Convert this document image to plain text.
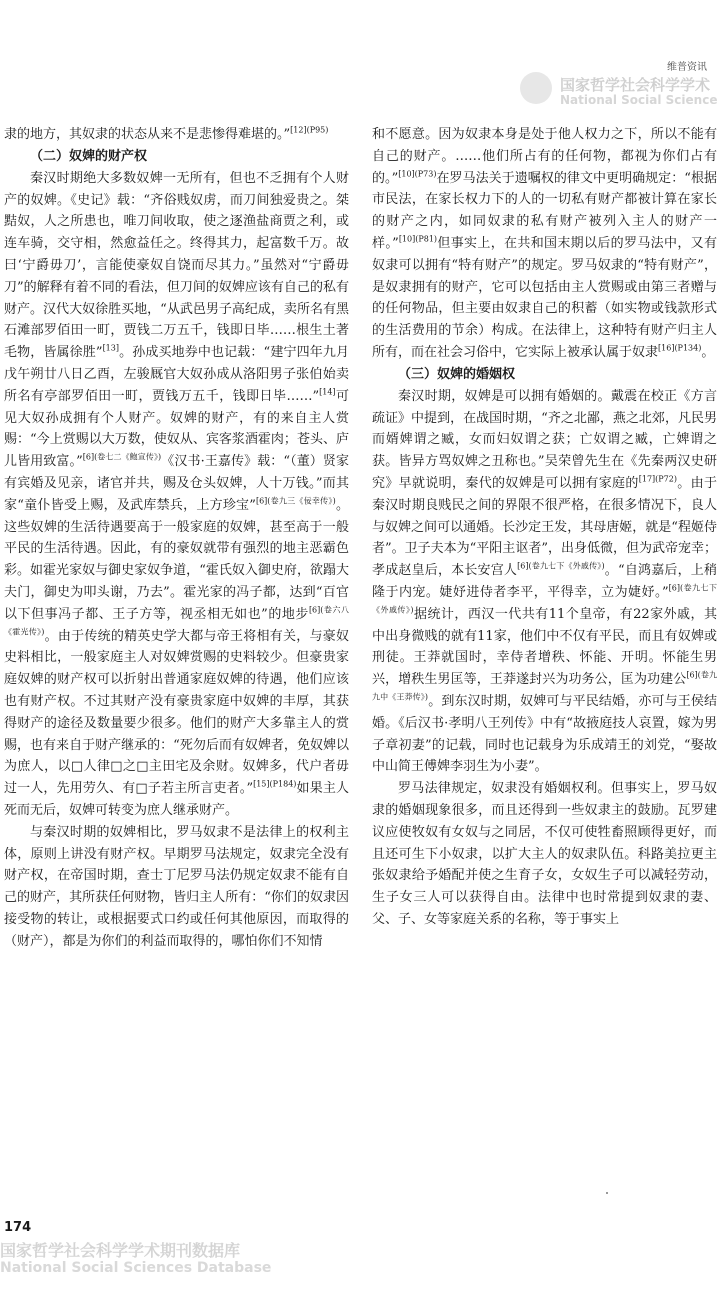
维普资讯
国家哲学社会科学学术
National Social Science

隶的地方，其奴隶的状态从来不是悲惨得难堪的。”$^{[12](P95)}$

（二）奴婢的财产权

秦汉时期绝大多数奴婢一无所有，但也不乏拥有个人财产的奴婢。《史记》载：“齐俗贱奴虏，而刀间独爱贵之。桀黠奴，人之所患也，唯刀间收取，使之逐渔盐商贾之利，或连车骑，交守相，然愈益任之。终得其力，起富数千万。故曰‘宁爵毋刀’，言能使豪奴自饶而尽其力。”虽然对“宁爵毋刀”的解释有着不同的看法，但刀间的奴婢应该有自己的私有财产。汉代大奴徐胜买地，“从武邑男子高纪成，卖所名有黑石滩部罗佰田一町，贾钱二万五千，钱即日毕……根生土著毛物，皆属徐胜”[13]。孙成买地券中也记载：“建宁四年九月戊午朔廿八日乙酉，左骏厩官大奴孙成从洛阳男子张伯始卖所名有亭部罗佰田一町，贾钱万五千，钱即日毕……”[14]可见大奴孙成拥有个人财产。奴婢的财产，有的来自主人赏赐：“今上赏赐以大万数，使奴从、宾客浆酒霍肉；苍头、庐儿皆用致富。”$^{[6](卷七二《鲍宣传》)}$《汉书·王嘉传》载：“（董）贤家有宾婚及见亲，诸官并共，赐及仓头奴婢，人十万钱。”而其家“童仆皆受上赐，及武库禁兵，上方珍宝”$^{[6](卷九三《佞幸传》)}$。这些奴婢的生活待遇要高于一般家庭的奴婢，甚至高于一般平民的生活待遇。因此，有的豪奴就带有强烈的地主恶霸色彩。如霍光家奴与御史家奴争道，“霍氏奴入御史府，欲蹋大夫门，御史为叩头谢，乃去”。霍光家的冯子都，达到“百官以下但事冯子都、王子方等，视丞相无如也”的地步$^{[6](卷六八《霍光传》)}$。由于传统的精英史学大都与帝王将相有关，与豪奴史料相比，一般家庭主人对奴婢赏赐的史料较少。但豪贵家庭奴婢的财产权可以折射出普通家庭奴婢的待遇，他们应该也有财产权。不过其财产没有豪贵家庭中奴婢的丰厚，其获得财产的途径及数量要少很多。他们的财产大多靠主人的赏赐，也有来自于财产继承的：“死勿后而有奴婢者，免奴婢以为庶人，以□人律□之□主田宅及余财。奴婢多，代户者毋过一人，先用劳久、有□子若主所言吏者。”$^{[15](P184)}$如果主人死而无后，奴婢可转变为庶人继承财产。

与秦汉时期的奴婢相比，罗马奴隶不是法律上的权利主体，原则上讲没有财产权。早期罗马法规定，奴隶完全没有财产权，在帝国时期，查士丁尼罗马法仍规定奴隶不能有自己的财产，其所获任何财物，皆归主人所有：“你们的奴隶因接受物的转让，或根据要式口约或任何其他原因，而取得的（财产），都是为你们的利益而取得的，哪怕你们不知情

和不愿意。因为奴隶本身是处于他人权力之下，所以不能有自己的财产。……他们所占有的任何物，都视为你们占有的。”$^{[10](P73)}$在罗马法关于遗嘱权的律文中更明确规定：“根据市民法，在家长权力下的人的一切私有财产都被计算在家长的财产之内，如同奴隶的私有财产被列入主人的财产一样。”$^{[10](P81)}$但事实上，在共和国末期以后的罗马法中，又有奴隶可以拥有“特有财产”的规定。罗马奴隶的“特有财产”，是奴隶拥有的财产，它可以包括由主人赏赐或由第三者赠与的任何物品，但主要由奴隶自己的积蓄（如实物或钱款形式的生活费用的节余）构成。在法律上，这种特有财产归主人所有，而在社会习俗中，它实际上被承认属于奴隶$^{[16](P134)}$。

（三）奴婢的婚姻权

秦汉时期，奴婢是可以拥有婚姻的。戴震在校正《方言疏证》中提到，在战国时期，“齐之北鄙，燕之北郊，凡民男而婿婢谓之臧，女而妇奴谓之获；亡奴谓之臧，亡婢谓之获。皆异方骂奴婢之丑称也。”吴荣曾先生在《先秦两汉史研究》早就说明，秦代的奴婢是可以拥有家庭的$^{[17](P72)}$。由于秦汉时期良贱民之间的界限不很严格，在很多情况下，良人与奴婢之间可以通婚。长沙定王发，其母唐姬，就是“程姬侍者”。卫子夫本为“平阳主讴者”，出身低微，但为武帝宠幸；孝成赵皇后，本长安宫人$^{[6](卷九七下《外戚传》)}$。“自鸿嘉后，上稍隆于内宠。婕妤进侍者李平，平得幸，立为婕妤。”$^{[6](卷九七下《外戚传》)}$据统计，西汉一代共有11个皇帝，有22家外戚，其中出身微贱的就有11家，他们中不仅有平民，而且有奴婢或刑徒。王莽就国时，幸侍者增秩、怀能、开明。怀能生男兴，增秩生男匡等，王莽遂封兴为功务公，匡为功建公$^{[6](卷九九中《王莽传》)}$。到东汉时期，奴婢可与平民结婚，亦可与王侯结婚。《后汉书·孝明八王列传》中有“故掖庭技人哀置，嫁为男子章初妻”的记载，同时也记载身为乐成靖王的刘党，“娶故中山简王傅婢李羽生为小妻”。

罗马法律规定，奴隶没有婚姻权利。但事实上，罗马奴隶的婚姻现象很多，而且还得到一些奴隶主的鼓励。瓦罗建议应使牧奴有女奴与之同居，不仅可使牲畜照顾得更好，而且还可生下小奴隶，以扩大主人的奴隶队伍。科路美拉更主张奴隶给予婚配并使之生育子女，女奴生子可以减轻劳动，生子女三人可以获得自由。法律中也时常提到奴隶的妻、父、子、女等家庭关系的名称，等于事实上

174
国家哲学社会科学学术期刊数据库
National Social Sciences Database
